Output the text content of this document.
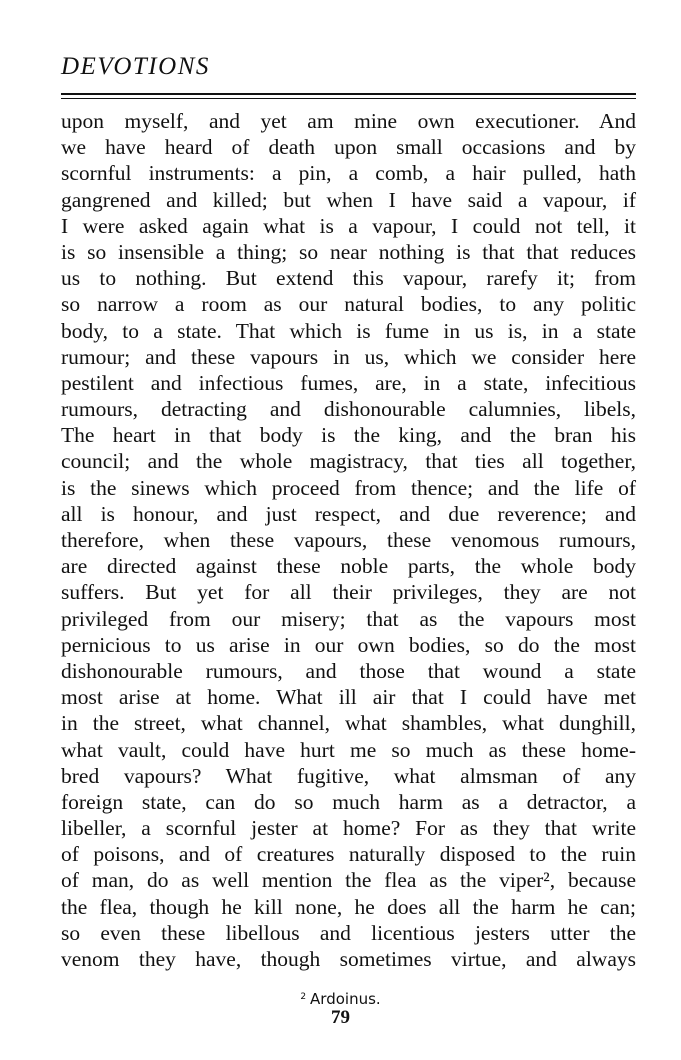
DEVOTIONS
upon myself, and yet am mine own executioner. And
we have heard of death upon small occasions and by
scornful instruments: a pin, a comb, a hair pulled, hath
gangrened and killed; but when I have said a vapour, if
I were asked again what is a vapour, I could not tell, it
is so insensible a thing; so near nothing is that that reduces
us to nothing. But extend this vapour, rarefy it; from
so narrow a room as our natural bodies, to any politic
body, to a state. That which is fume in us is, in a state
rumour; and these vapours in us, which we consider here
pestilent and infectious fumes, are, in a state, infecitious
rumours, detracting and dishonourable calumnies, libels,
The heart in that body is the king, and the bran his
council; and the whole magistracy, that ties all together,
is the sinews which proceed from thence; and the life of
all is honour, and just respect, and due reverence; and
therefore, when these vapours, these venomous rumours,
are directed against these noble parts, the whole body
suffers. But yet for all their privileges, they are not
privileged from our misery; that as the vapours most
pernicious to us arise in our own bodies, so do the most
dishonourable rumours, and those that wound a state
most arise at home. What ill air that I could have met
in the street, what channel, what shambles, what dunghill,
what vault, could have hurt me so much as these home-
bred vapours? What fugitive, what almsman of any
foreign state, can do so much harm as a detractor, a
libeller, a scornful jester at home? For as they that write
of poisons, and of creatures naturally disposed to the ruin
of man, do as well mention the flea as the viper², because
the flea, though he kill none, he does all the harm he can;
so even these libellous and licentious jesters utter the
venom they have, though sometimes virtue, and always
$^2$ Ardoinus.
79
